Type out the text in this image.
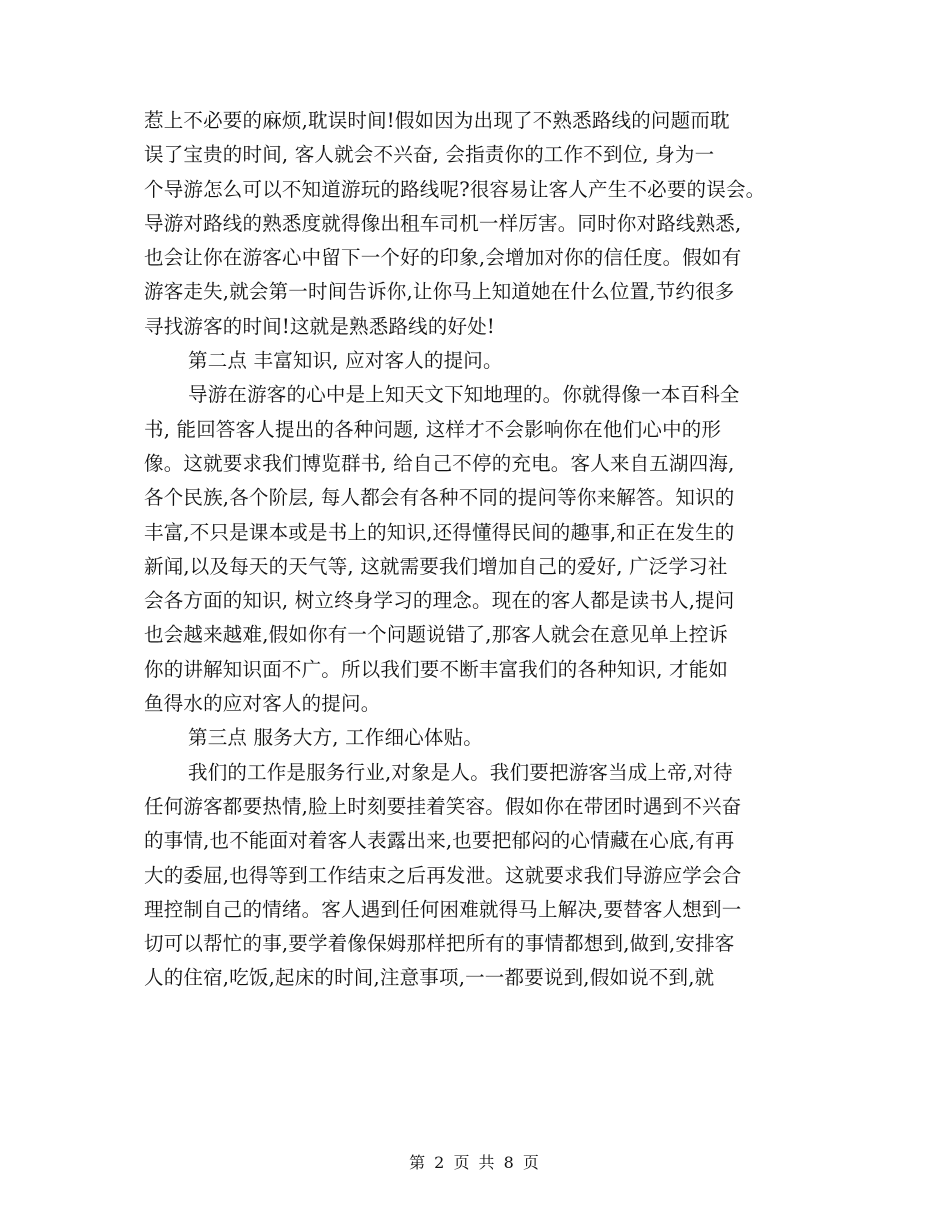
惹上不必要的麻烦,耽误时间!假如因为出现了不熟悉路线的问题而耽
误了宝贵的时间, 客人就会不兴奋, 会指责你的工作不到位, 身为一
个导游怎么可以不知道游玩的路线呢?很容易让客人产生不必要的误会。
导游对路线的熟悉度就得像出租车司机一样厉害。同时你对路线熟悉,
也会让你在游客心中留下一个好的印象,会增加对你的信任度。假如有
游客走失,就会第一时间告诉你,让你马上知道她在什么位置,节约很多
寻找游客的时间!这就是熟悉路线的好处!
第二点 丰富知识, 应对客人的提问。
导游在游客的心中是上知天文下知地理的。你就得像一本百科全
书, 能回答客人提出的各种问题, 这样才不会影响你在他们心中的形
像。这就要求我们博览群书, 给自己不停的充电。客人来自五湖四海,
各个民族,各个阶层, 每人都会有各种不同的提问等你来解答。知识的
丰富,不只是课本或是书上的知识,还得懂得民间的趣事,和正在发生的
新闻,以及每天的天气等, 这就需要我们增加自己的爱好, 广泛学习社
会各方面的知识, 树立终身学习的理念。现在的客人都是读书人,提问
也会越来越难,假如你有一个问题说错了,那客人就会在意见单上控诉
你的讲解知识面不广。所以我们要不断丰富我们的各种知识, 才能如
鱼得水的应对客人的提问。
第三点 服务大方, 工作细心体贴。
我们的工作是服务行业,对象是人。我们要把游客当成上帝,对待
任何游客都要热情,脸上时刻要挂着笑容。假如你在带团时遇到不兴奋
的事情,也不能面对着客人表露出来,也要把郁闷的心情藏在心底,有再
大的委屈,也得等到工作结束之后再发泄。这就要求我们导游应学会合
理控制自己的情绪。客人遇到任何困难就得马上解决,要替客人想到一
切可以帮忙的事,要学着像保姆那样把所有的事情都想到,做到,安排客
人的住宿,吃饭,起床的时间,注意事项,一一都要说到,假如说不到,就
第 2 页 共 8 页
